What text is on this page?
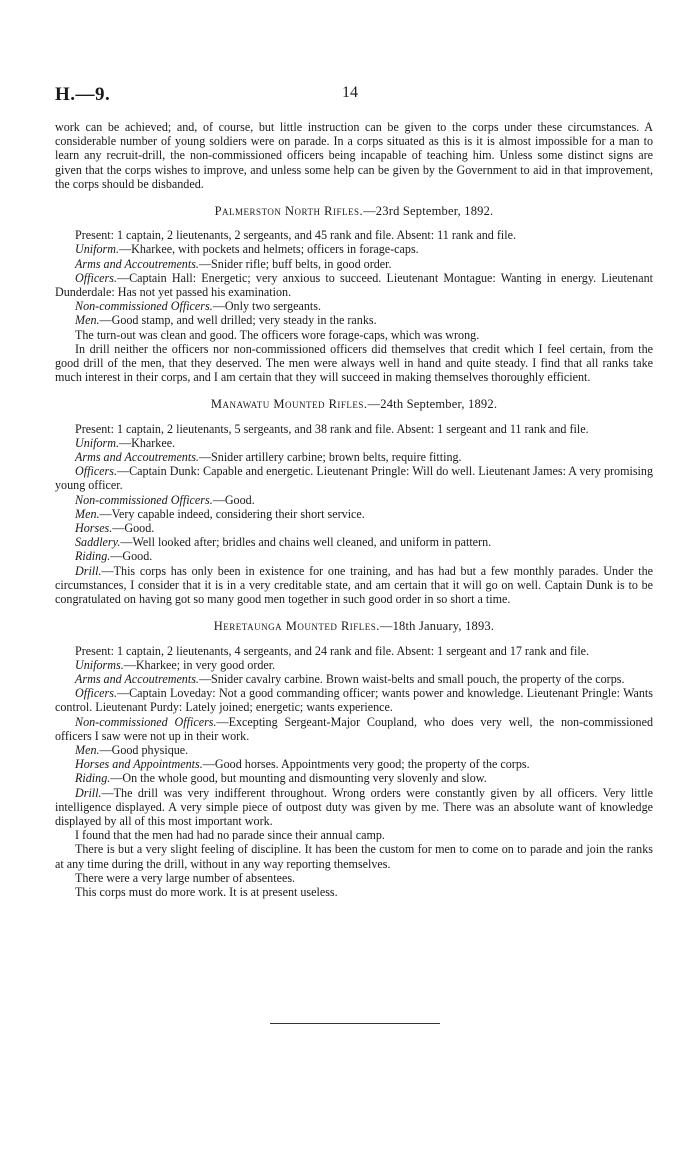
H.—9.	14

work can be achieved; and, of course, but little instruction can be given to the corps under these circumstances. A considerable number of young soldiers were on parade. In a corps situated as this is it is almost impossible for a man to learn any recruit-drill, the non-commissioned officers being incapable of teaching him. Unless some distinct signs are given that the corps wishes to improve, and unless some help can be given by the Government to aid in that improvement, the corps should be disbanded.

Palmerston North Rifles.—23rd September, 1892.

Present: 1 captain, 2 lieutenants, 2 sergeants, and 45 rank and file. Absent: 11 rank and file.

Uniform.—Kharkee, with pockets and helmets; officers in forage-caps.

Arms and Accoutrements.—Snider rifle; buff belts, in good order.

Officers.—Captain Hall: Energetic; very anxious to succeed. Lieutenant Montague: Wanting in energy. Lieutenant Dunderdale: Has not yet passed his examination.

Non-commissioned Officers.—Only two sergeants.

Men.—Good stamp, and well drilled; very steady in the ranks.

The turn-out was clean and good. The officers wore forage-caps, which was wrong.

In drill neither the officers nor non-commissioned officers did themselves that credit which I feel certain, from the good drill of the men, that they deserved. The men were always well in hand and quite steady. I find that all ranks take much interest in their corps, and I am certain that they will succeed in making themselves thoroughly efficient.

Manawatu Mounted Rifles.—24th September, 1892.

Present: 1 captain, 2 lieutenants, 5 sergeants, and 38 rank and file. Absent: 1 sergeant and 11 rank and file.

Uniform.—Kharkee.

Arms and Accoutrements.—Snider artillery carbine; brown belts, require fitting.

Officers.—Captain Dunk: Capable and energetic. Lieutenant Pringle: Will do well. Lieutenant James: A very promising young officer.

Non-commissioned Officers.—Good.

Men.—Very capable indeed, considering their short service.

Horses.—Good.

Saddlery.—Well looked after; bridles and chains well cleaned, and uniform in pattern.

Riding.—Good.

Drill.—This corps has only been in existence for one training, and has had but a few monthly parades. Under the circumstances, I consider that it is in a very creditable state, and am certain that it will go on well. Captain Dunk is to be congratulated on having got so many good men together in such good order in so short a time.

Heretaunga Mounted Rifles.—18th January, 1893.

Present: 1 captain, 2 lieutenants, 4 sergeants, and 24 rank and file. Absent: 1 sergeant and 17 rank and file.

Uniforms.—Kharkee; in very good order.

Arms and Accoutrements.—Snider cavalry carbine. Brown waist-belts and small pouch, the property of the corps.

Officers.—Captain Loveday: Not a good commanding officer; wants power and knowledge. Lieutenant Pringle: Wants control. Lieutenant Purdy: Lately joined; energetic; wants experience.

Non-commissioned Officers.—Excepting Sergeant-Major Coupland, who does very well, the non-commissioned officers I saw were not up in their work.

Men.—Good physique.

Horses and Appointments.—Good horses. Appointments very good; the property of the corps.

Riding.—On the whole good, but mounting and dismounting very slovenly and slow.

Drill.—The drill was very indifferent throughout. Wrong orders were constantly given by all officers. Very little intelligence displayed. A very simple piece of outpost duty was given by me. There was an absolute want of knowledge displayed by all of this most important work.

I found that the men had had no parade since their annual camp.

There is but a very slight feeling of discipline. It has been the custom for men to come on to parade and join the ranks at any time during the drill, without in any way reporting themselves.

There were a very large number of absentees.

This corps must do more work. It is at present useless.
